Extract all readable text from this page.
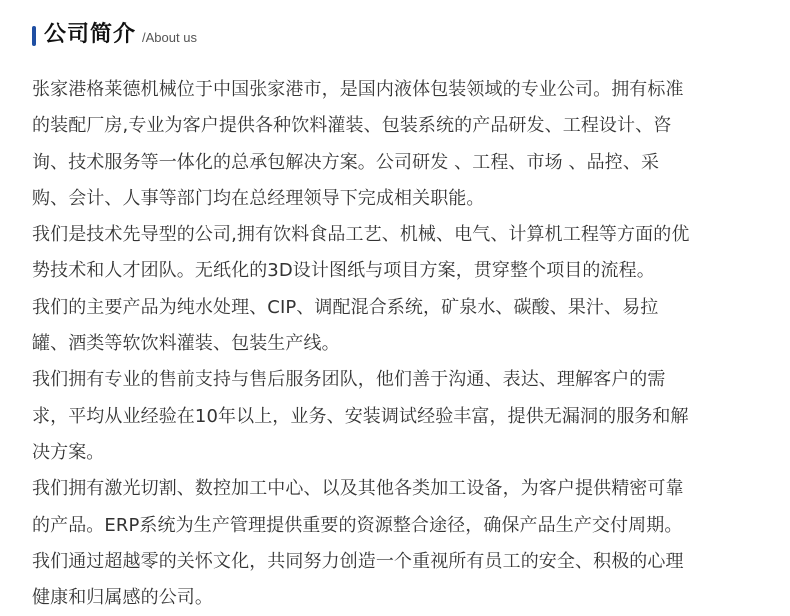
公司简介 /About us
张家港格莱德机械位于中国张家港市，是国内液体包装领域的专业公司。拥有标准
的装配厂房,专业为客户提供各种饮料灌装、包装系统的产品研发、工程设计、咨
询、技术服务等一体化的总承包解决方案。公司研发 、工程、市场 、品控、采
购、会计、人事等部门均在总经理领导下完成相关职能。
我们是技术先导型的公司,拥有饮料食品工艺、机械、电气、计算机工程等方面的优
势技术和人才团队。无纸化的3D设计图纸与项目方案，贯穿整个项目的流程。
我们的主要产品为纯水处理、CIP、调配混合系统，矿泉水、碳酸、果汁、易拉
罐、酒类等软饮料灌装、包装生产线。
我们拥有专业的售前支持与售后服务团队，他们善于沟通、表达、理解客户的需
求，平均从业经验在10年以上，业务、安装调试经验丰富，提供无漏洞的服务和解
决方案。
我们拥有激光切割、数控加工中心、以及其他各类加工设备，为客户提供精密可靠
的产品。ERP系统为生产管理提供重要的资源整合途径，确保产品生产交付周期。
我们通过超越零的关怀文化，共同努力创造一个重视所有员工的安全、积极的心理
健康和归属感的公司。
